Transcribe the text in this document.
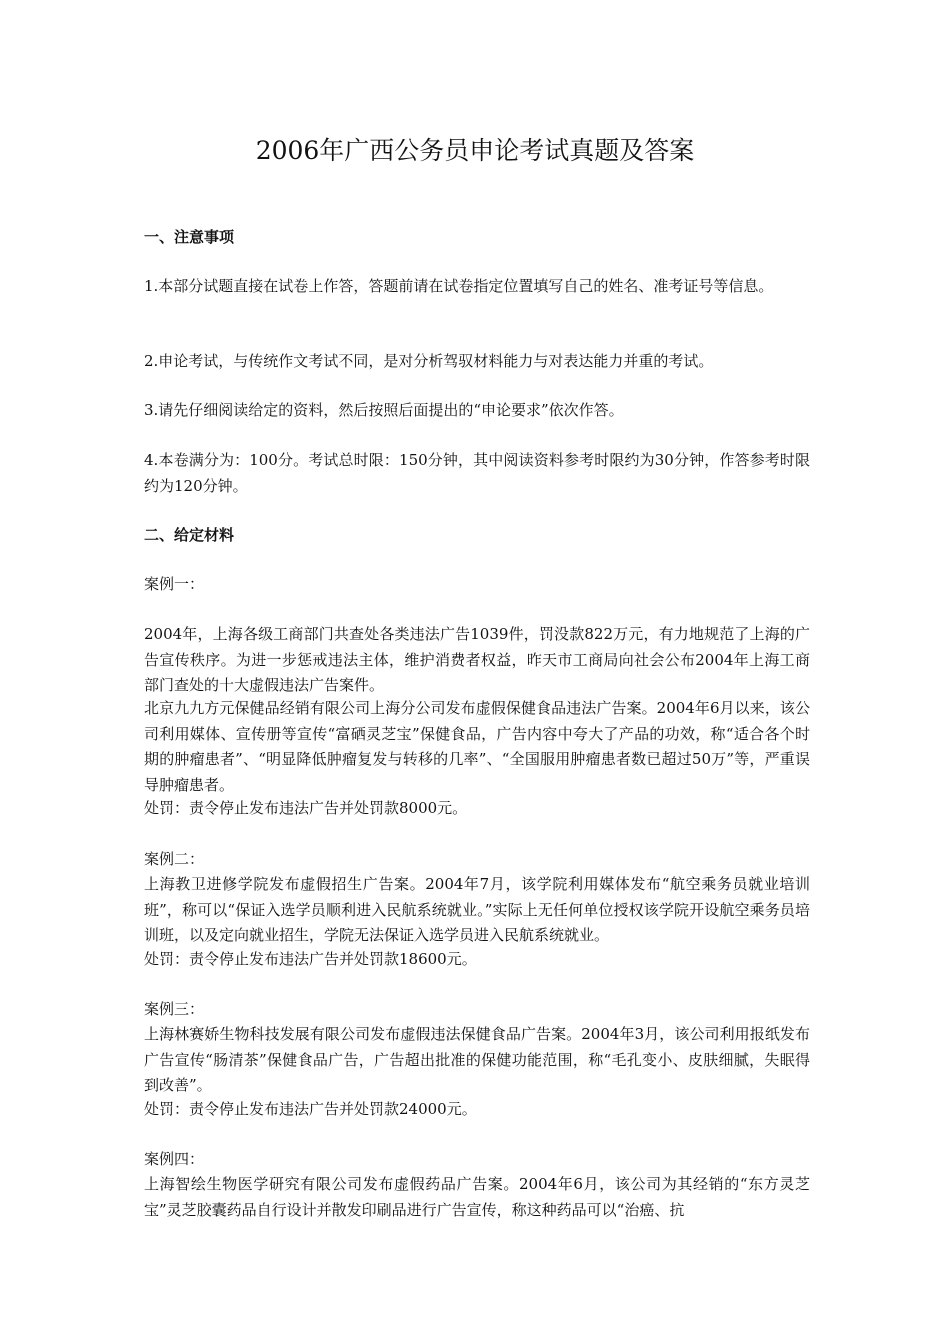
2006年广西公务员申论考试真题及答案
一、注意事项

1.本部分试题直接在试卷上作答，答题前请在试卷指定位置填写自己的姓名、准考证号等信息。

2.申论考试，与传统作文考试不同，是对分析驾驭材料能力与对表达能力并重的考试。

3.请先仔细阅读给定的资料，然后按照后面提出的“申论要求”依次作答。

4.本卷满分为：100分。考试总时限：150分钟，其中阅读资料参考时限约为30分钟，作答参考时限约为120分钟。

二、给定材料

案例一：

2004年，上海各级工商部门共查处各类违法广告1039件，罚没款822万元，有力地规范了上海的广告宣传秩序。为进一步惩戒违法主体，维护消费者权益，昨天市工商局向社会公布2004年上海工商部门查处的十大虚假违法广告案件。

北京九九方元保健品经销有限公司上海分公司发布虚假保健食品违法广告案。2004年6月以来，该公司利用媒体、宣传册等宣传“富硒灵芝宝”保健食品，广告内容中夸大了产品的功效，称“适合各个时期的肿瘤患者”、“明显降低肿瘤复发与转移的几率”、“全国服用肿瘤患者数已超过50万”等，严重误导肿瘤患者。

处罚：责令停止发布违法广告并处罚款8000元。

案例二：

上海教卫进修学院发布虚假招生广告案。2004年7月，该学院利用媒体发布“航空乘务员就业培训班”，称可以“保证入选学员顺利进入民航系统就业。”实际上无任何单位授权该学院开设航空乘务员培训班，以及定向就业招生，学院无法保证入选学员进入民航系统就业。

处罚：责令停止发布违法广告并处罚款18600元。

案例三：

上海林赛娇生物科技发展有限公司发布虚假违法保健食品广告案。2004年3月，该公司利用报纸发布广告宣传“肠清茶”保健食品广告，广告超出批准的保健功能范围，称“毛孔变小、皮肤细腻，失眠得到改善”。

处罚：责令停止发布违法广告并处罚款24000元。

案例四：

上海智绘生物医学研究有限公司发布虚假药品广告案。2004年6月，该公司为其经销的“东方灵芝宝”灵芝胶囊药品自行设计并散发印刷品进行广告宣传，称这种药品可以“治癌、抗
